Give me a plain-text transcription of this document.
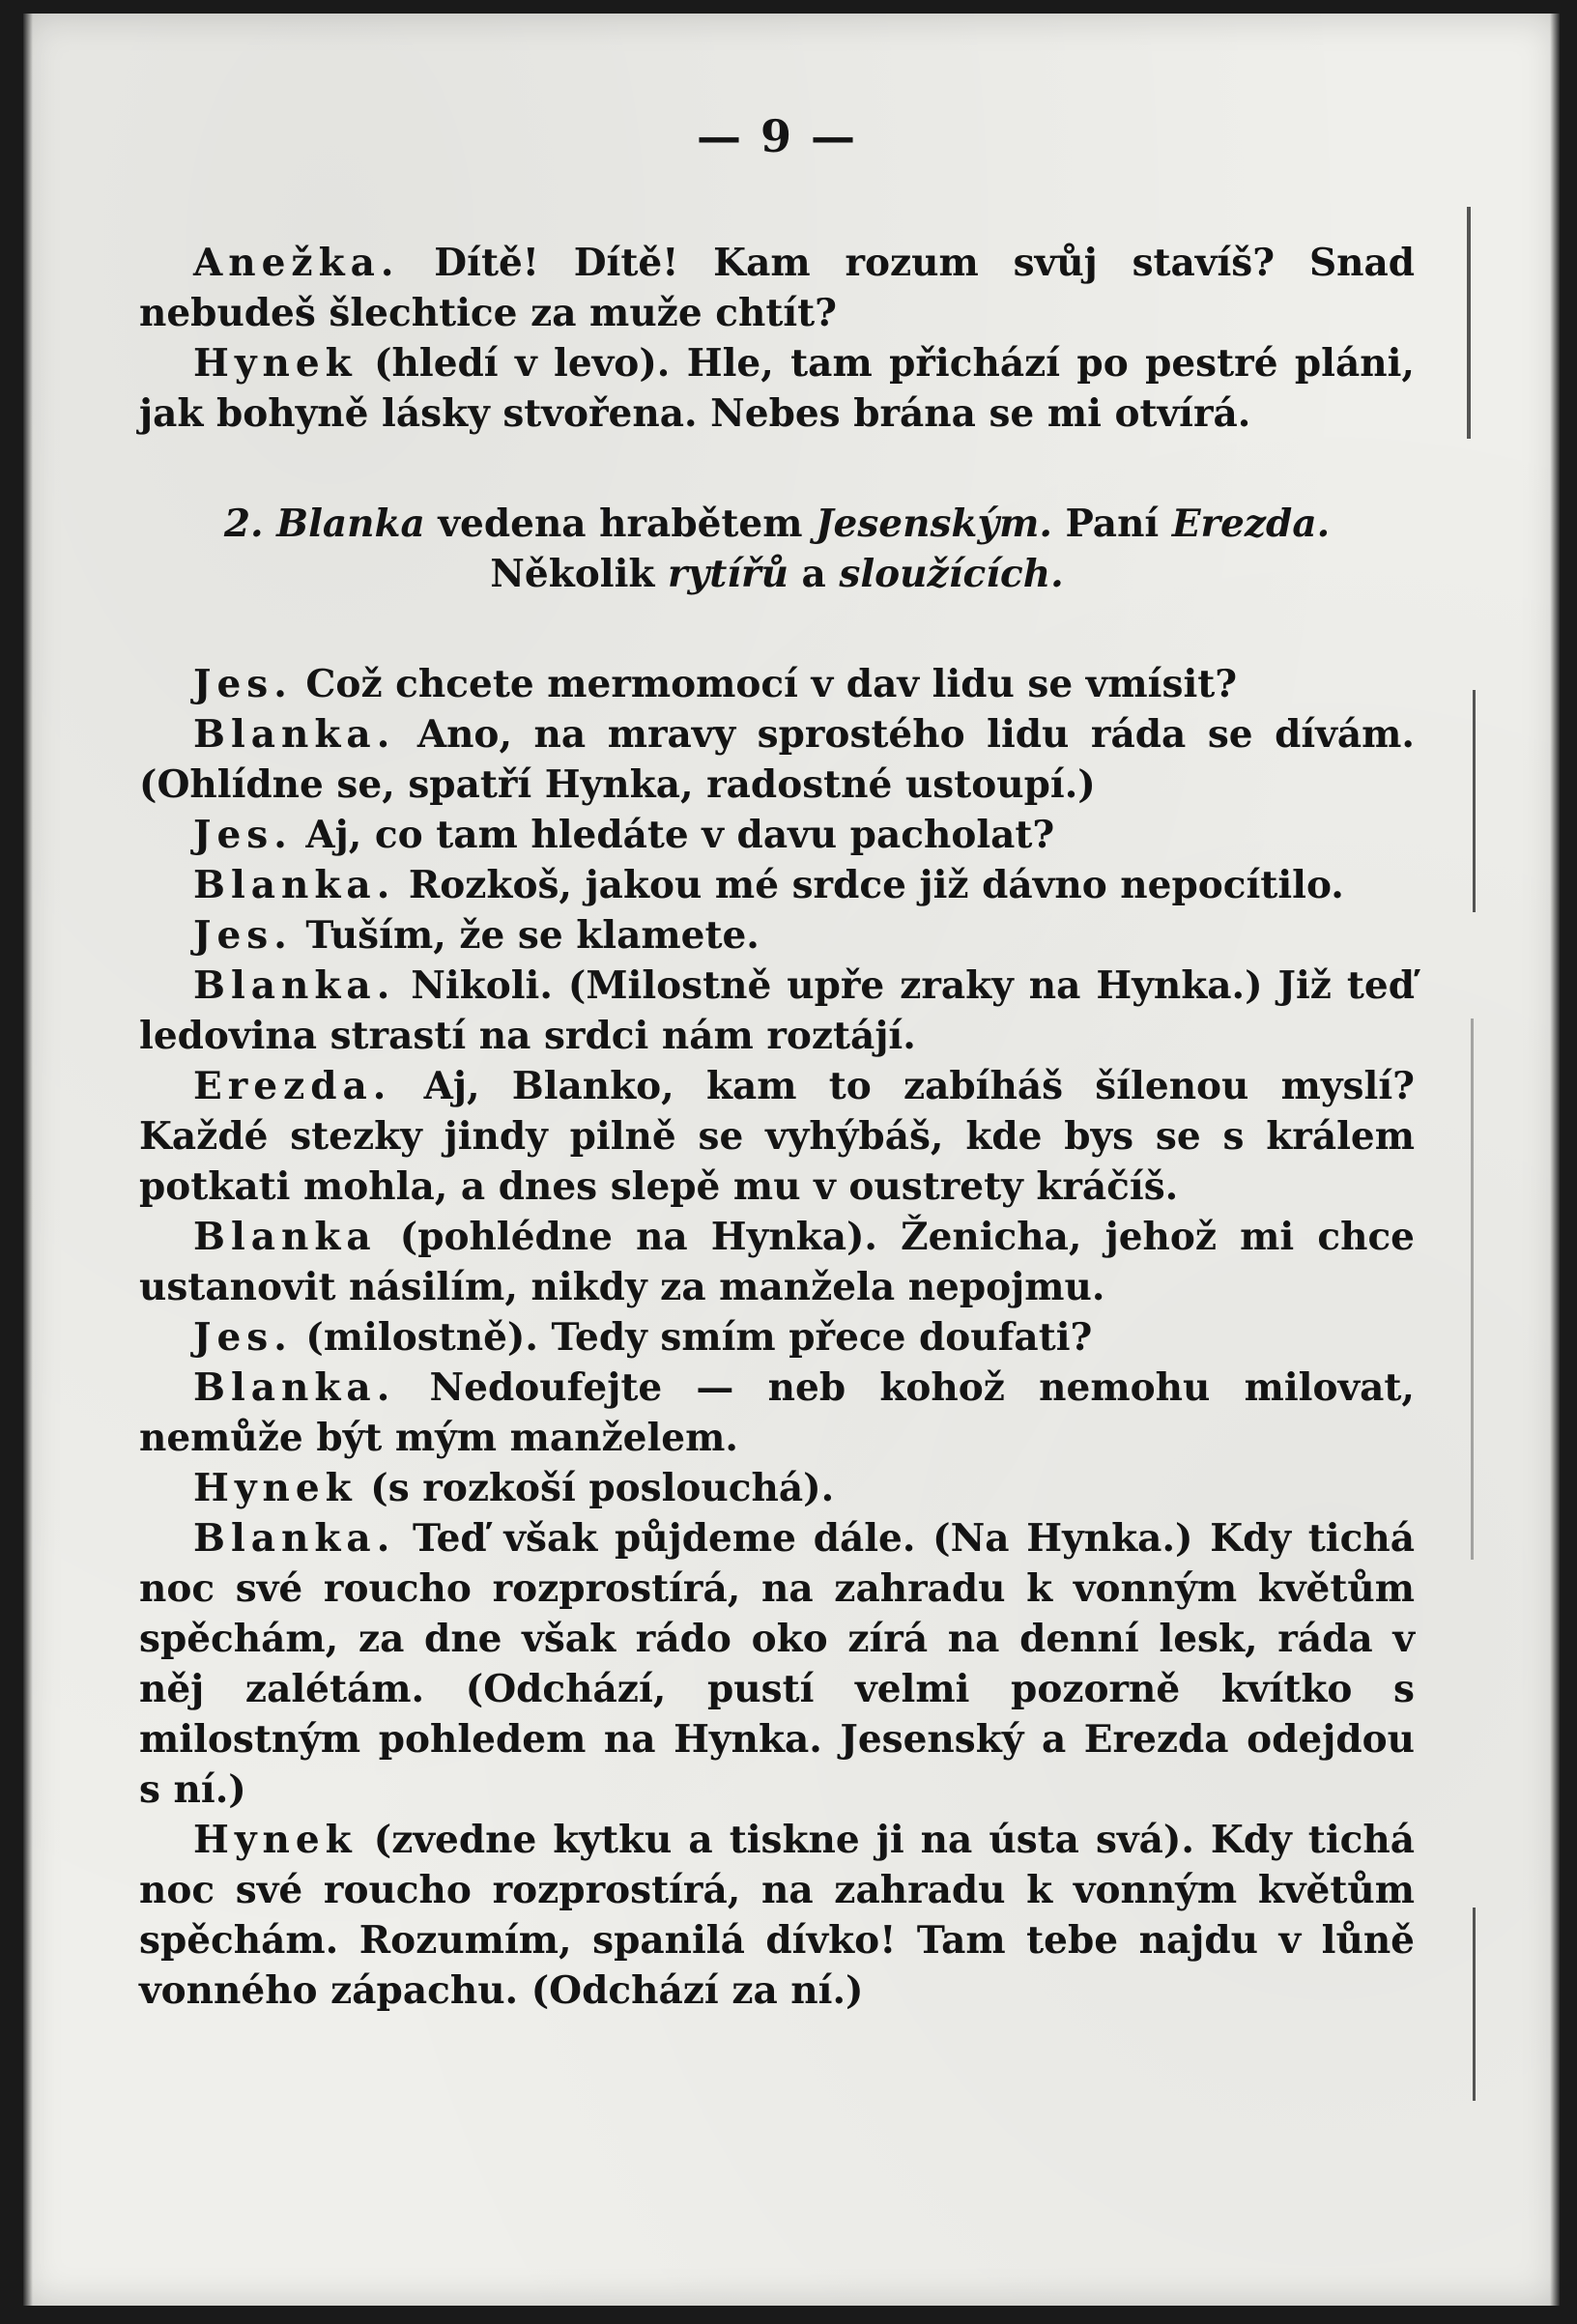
— 9 —

Anežka. Dítě! Dítě! Kam rozum svůj stavíš? Snad nebudeš šlechtice za muže chtít?

Hynek (hledí v levo). Hle, tam přichází po pestré pláni, jak bohyně lásky stvořena. Nebes brána se mi otvírá.

2. Blanka vedena hrabětem Jesenským. Paní Erezda. Několik rytířů a sloužících.

Jes. Což chcete mermomocí v dav lidu se vmísit?

Blanka. Ano, na mravy sprostého lidu ráda se dívám. (Ohlídne se, spatří Hynka, radostné ustoupí.)

Jes. Aj, co tam hledáte v davu pacholat?

Blanka. Rozkoš, jakou mé srdce již dávno nepocítilo.

Jes. Tuším, že se klamete.

Blanka. Nikoli. (Milostně upře zraky na Hynka.) Již teď ledovina strastí na srdci nám roztájí.

Erezda. Aj, Blanko, kam to zabíháš šílenou myslí? Každé stezky jindy pilně se vyhýbáš, kde bys se s králem potkati mohla, a dnes slepě mu v oustrety kráčíš.

Blanka (pohlédne na Hynka). Ženicha, jehož mi chce ustanovit násilím, nikdy za manžela nepojmu.

Jes. (milostně). Tedy smím přece doufati?

Blanka. Nedoufejte — neb kohož nemohu milovat, nemůže být mým manželem.

Hynek (s rozkoší poslouchá).

Blanka. Teď však půjdeme dále. (Na Hynka.) Kdy tichá noc své roucho rozprostírá, na zahradu k vonným květům spěchám, za dne však rádo oko zírá na denní lesk, ráda v něj zalétám. (Odchází, pustí velmi pozorně kvítko s milostným pohledem na Hynka. Jesenský a Erezda odejdou s ní.)

Hynek (zvedne kytku a tiskne ji na ústa svá). Kdy tichá noc své roucho rozprostírá, na zahradu k vonným květům spěchám. Rozumím, spanilá dívko! Tam tebe najdu v lůně vonného zápachu. (Odchází za ní.)
